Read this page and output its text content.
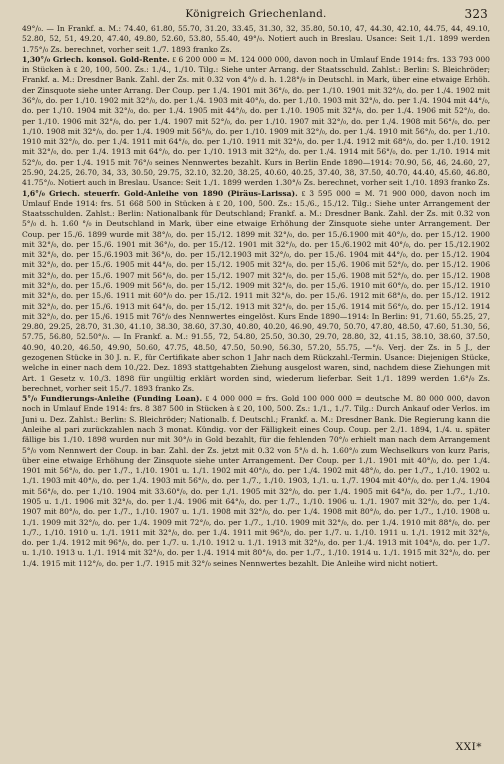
Königreich Griechenland.	323

49°/₀. — In Frankf. a. M.: 74.40, 61.80, 55.70, 31.20, 33.45, 31.30, 32, 35.80, 50.10, 47, 44.30, 42.10, 44.75, 44, 49.10, 52.80, 52, 51, 49.20, 47.40, 49.80, 52.60, 53.80, 55.40, 49°/₀. Notiert auch in Breslau. Usance: Seit 1./1. 1899 werden 1.75°/₀ Zs. berechnet, vorher seit 1./7. 1893 franko Zs.

1,30°/₀ Griech. konsol. Gold-Rente. ₤ 6 200 000 = M. 124 000 000, davon noch in Umlauf Ende 1914: frs. 133 793 000 in Stücken à ₤ 20, 100, 500. Zs.: 1./4., 1./10. Tilg.: Siehe unter Arrang. der Staatsschuld. Zahlst.: Berlin: S. Bleichröder; Frankf. a. M.: Dresdner Bank. Zahl. der Zs. mit 0.32 von 4°/₀ d. h. 1.28°/₀ in Deutschl. in Mark, über eine etwaige Erhöh. der Zinsquote siehe unter Arrang. Der Coup. per 1./4. 1901 mit 36°/₀, do. per 1./10. 1901 mit 32°/₀, do. per 1./4. 1902 mit 36°/₀, do. per 1./10. 1902 mit 32°/₀, do. per 1./4. 1903 mit 40°/₀, do. per 1./10. 1903 mit 32°/₀, do. per 1./4. 1904 mit 44°/₀, do. per 1./10. 1904 mit 32°/₀, do. per 1./4. 1905 mit 44°/₀, do. per 1./10. 1905 mit 32°/₀, do. per 1./4. 1906 mit 52°/₀, do. per 1./10. 1906 mit 32°/₀, do. per 1./4. 1907 mit 52°/₀, do. per 1./10. 1907 mit 32°/₀, do. per 1./4. 1908 mit 56°/₀, do. per 1./10. 1908 mit 32°/₀, do. per 1./4. 1909 mit 56°/₀, do. per 1./10. 1909 mit 32°/₀, do. per 1./4. 1910 mit 56°/₀, do. per 1./10. 1910 mit 32°/₀, do. per 1./4. 1911 mit 64°/₀, do. per 1./10. 1911 mit 32°/₀, do. per 1./4. 1912 mit 68°/₀, do. per 1./10. 1912 mit 32°/₀, do. per 1./4. 1913 mit 64°/₀, do. per 1./10. 1913 mit 32°/₀, do. per 1./4. 1914 mit 56°/₀, do. per 1./10. 1914 mit 52°/₀, do. per 1./4. 1915 mit 76°/₀ seines Nennwertes bezahlt. Kurs in Berlin Ende 1890—1914: 70.90, 56, 46, 24.60, 27, 25.90, 24.25, 26.70, 34, 33, 30.50, 29.75, 32.10, 32.20, 38.25, 40.60, 40.25, 37.40, 38, 37.50, 40.70, 44.40, 45.60, 46.80, 41.75°/₀. Notiert auch in Breslau. Usance: Seit 1./1. 1899 werden 1.30°/₀ Zs. berechnet, vorher seit 1./10. 1893 franko Zs.

1,6°/₀ Griech. steuerfr. Gold-Anleihe von 1890 (Piräus-Larissa). ₤ 3 595 000 = M. 71 900 000, davon noch im Umlauf Ende 1914: frs. 51 668 500 in Stücken à ₤ 20, 100, 500. Zs.: 15./6., 15./12. Tilg.: Siehe unter Arrangement der Staatsschulden. Zahlst.: Berlin: Nationalbank für Deutschland; Frankf. a. M.: Dresdner Bank. Zahl. der Zs. mit 0.32 von 5°/₀ d. h. 1.60 °/₀ in Deutschland in Mark, über eine etwaige Erhöhung der Zinsquote siehe unter Arrangement. Der Coup. per 15./6. 1899 wurde mit 38°/₀, do. per 15./12. 1899 mit 32°/₀, do. per 15./6.1900 mit 40°/₀, do. per 15./12. 1900 mit 32°/₀, do. per 15./6. 1901 mit 36°/₀, do. per 15./12. 1901 mit 32°/₀, do. per 15./6.1902 mit 40°/₀, do. per 15./12.1902 mit 32°/₀, do. per 15./6.1903 mit 36°/₀, do. per 15./12.1903 mit 32°/₀, do. per 15./6. 1904 mit 44°/₀, do. per 15./12. 1904 mit 32°/₀, do. per 15./6. 1905 mit 44°/₀, do. per 15./12. 1905 mit 32°/₀, do. per 15./6. 1906 mit 52°/₀, do. per 15./12. 1906 mit 32°/₀, do. per 15./6. 1907 mit 56°/₀, do. per 15./12. 1907 mit 32°/₀, do. per 15./6. 1908 mit 52°/₀, do. per 15./12. 1908 mit 32°/₀, do. per 15./6. 1909 mit 56°/₀, do. per 15./12. 1909 mit 32°/₀, do. per 15./6. 1910 mit 60°/₀, do. per 15./12. 1910 mit 32°/₀, do. per 15./6. 1911 mit 60°/₀ do. per 15./12. 1911 mit 32°/₀, do. per 15./6. 1912 mit 68°/₀, do. per 15./12. 1912 mit 32°/₀, do. per 15./6. 1913 mit 64°/₀, do. per 15./12. 1913 mit 32°/₀, do. per 15./6. 1914 mit 56°/₀, do. per 15./12. 1914 mit 32°/₀, do. per 15./6. 1915 mit 76°/₀ des Nennwertes eingelöst. Kurs Ende 1890—1914: In Berlin: 91, 71.60, 55.25, 27, 29.80, 29.25, 28.70, 31.30, 41.10, 38.30, 38.60, 37.30, 40.80, 40.20, 46.90, 49.70, 50.70, 47.80, 48.50, 47.60, 51.30, 56, 57.75, 56.80, 52.50°/₀. — In Frankf. a. M.: 91.55, 72, 54.80, 25.50, 30.30, 29.70, 28.80, 32, 41.15, 38.10, 38.60, 37.50, 40.90, 40.20, 46.50, 49.90, 50.60, 47.75, 48.50, 47.50, 50.90, 56.30, 57.20, 55.75, —°/₀. Verj. der Zs. in 5 J., der gezogenen Stücke in 30 J. n. F., für Certifikate aber schon 1 Jahr nach dem Rückzahl.-Termin. Usance: Diejenigen Stücke, welche in einer nach dem 10./22. Dez. 1893 stattgehabten Ziehung ausgelost waren, sind, nachdem diese Ziehungen mit Art. 1 Gesetz v. 10./3. 1898 für ungültig erklärt worden sind, wiederum lieferbar. Seit 1./1. 1899 werden 1.6°/₀ Zs. berechnet, vorher seit 15./7. 1893 franko Zs.

5°/₀ Fundierungs-Anleihe (Funding Loan). ₤ 4 000 000 = frs. Gold 100 000 000 = deutsche M. 80 000 000, davon noch in Umlauf Ende 1914: frs. 8 387 500 in Stücken à ₤ 20, 100, 500. Zs.: 1./1., 1./7. Tilg.: Durch Ankauf oder Verlos. im Juni u. Dez. Zahlst.: Berlin: S. Bleichröder; Nationalb. f. Deutschl.; Frankf. a. M.: Dresdner Bank. Die Regierung kann die Anleihe al pari zurückzahlen nach 3 monat. Kündig. vor der Fälligkeit eines Coup. Coup. per 2./1. 1894, 1./4. u. später fällige bis 1./10. 1898 wurden nur mit 30°/₀ in Gold bezahlt, für die fehlenden 70°/₀ erhielt man nach dem Arrangement 5°/₀ vom Nennwert der Coup. in bar. Zahl. der Zs. jetzt mit 0.32 von 5°/₀ d. h. 1.60°/₀ zum Wechselkurs von kurz Paris, über eine etwaige Erhöhung der Zinsquote siehe unter Arrangement. Der Coup. per 1./1. 1901 mit 40°/₀, do. per 1./4. 1901 mit 56°/₀, do. per 1./7., 1./10. 1901 u. 1./1. 1902 mit 40°/₀, do. per 1./4. 1902 mit 48°/₀, do. per 1./7., 1./10. 1902 u. 1./1. 1903 mit 40°/₀, do. per 1./4. 1903 mit 56°/₀, do. per 1./7., 1./10. 1903, 1./1. u. 1./7. 1904 mit 40°/₀, do. per 1./4. 1904 mit 56°/₀, do. per 1./10. 1904 mit 33.60°/₀, do. per 1./1. 1905 mit 32°/₀, do. per 1./4. 1905 mit 64°/₀, do. per 1./7., 1./10. 1905 u. 1./1. 1906 mit 32°/₀, do. per 1./4. 1906 mit 64°/₀, do. per 1./7., 1./10. 1906 u. 1./1. 1907 mit 32°/₀, do. per 1./4. 1907 mit 80°/₀, do. per 1./7., 1./10. 1907 u. 1./1. 1908 mit 32°/₀, do. per 1./4. 1908 mit 80°/₀, do. per 1./7., 1./10. 1908 u. 1./1. 1909 mit 32°/₀, do. per 1./4. 1909 mit 72°/₀, do. per 1./7., 1./10. 1909 mit 32°/₀, do. per 1./4. 1910 mit 88°/₀, do. per 1./7., 1./10. 1910 u. 1./1. 1911 mit 32°/₀, do. per 1./4. 1911 mit 96°/₀, do. per 1./7. u. 1./10. 1911 u. 1./1. 1912 mit 32°/₀, do. per 1./4. 1912 mit 96°/₀, do. per 1./7. u. 1./10. 1912 u. 1./1. 1913 mit 32°/₀, do. per 1./4. 1913 mit 104°/₀, do. per 1./7. u. 1./10. 1913 u. 1./1. 1914 mit 32°/₀, do. per 1./4. 1914 mit 80°/₀, do. per 1./7., 1./10. 1914 u. 1./1. 1915 mit 32°/₀, do. per 1./4. 1915 mit 112°/₀, do. per 1./7. 1915 mit 32°/₀ seines Nennwertes bezahlt. Die Anleihe wird nicht notiert.

XXI*
